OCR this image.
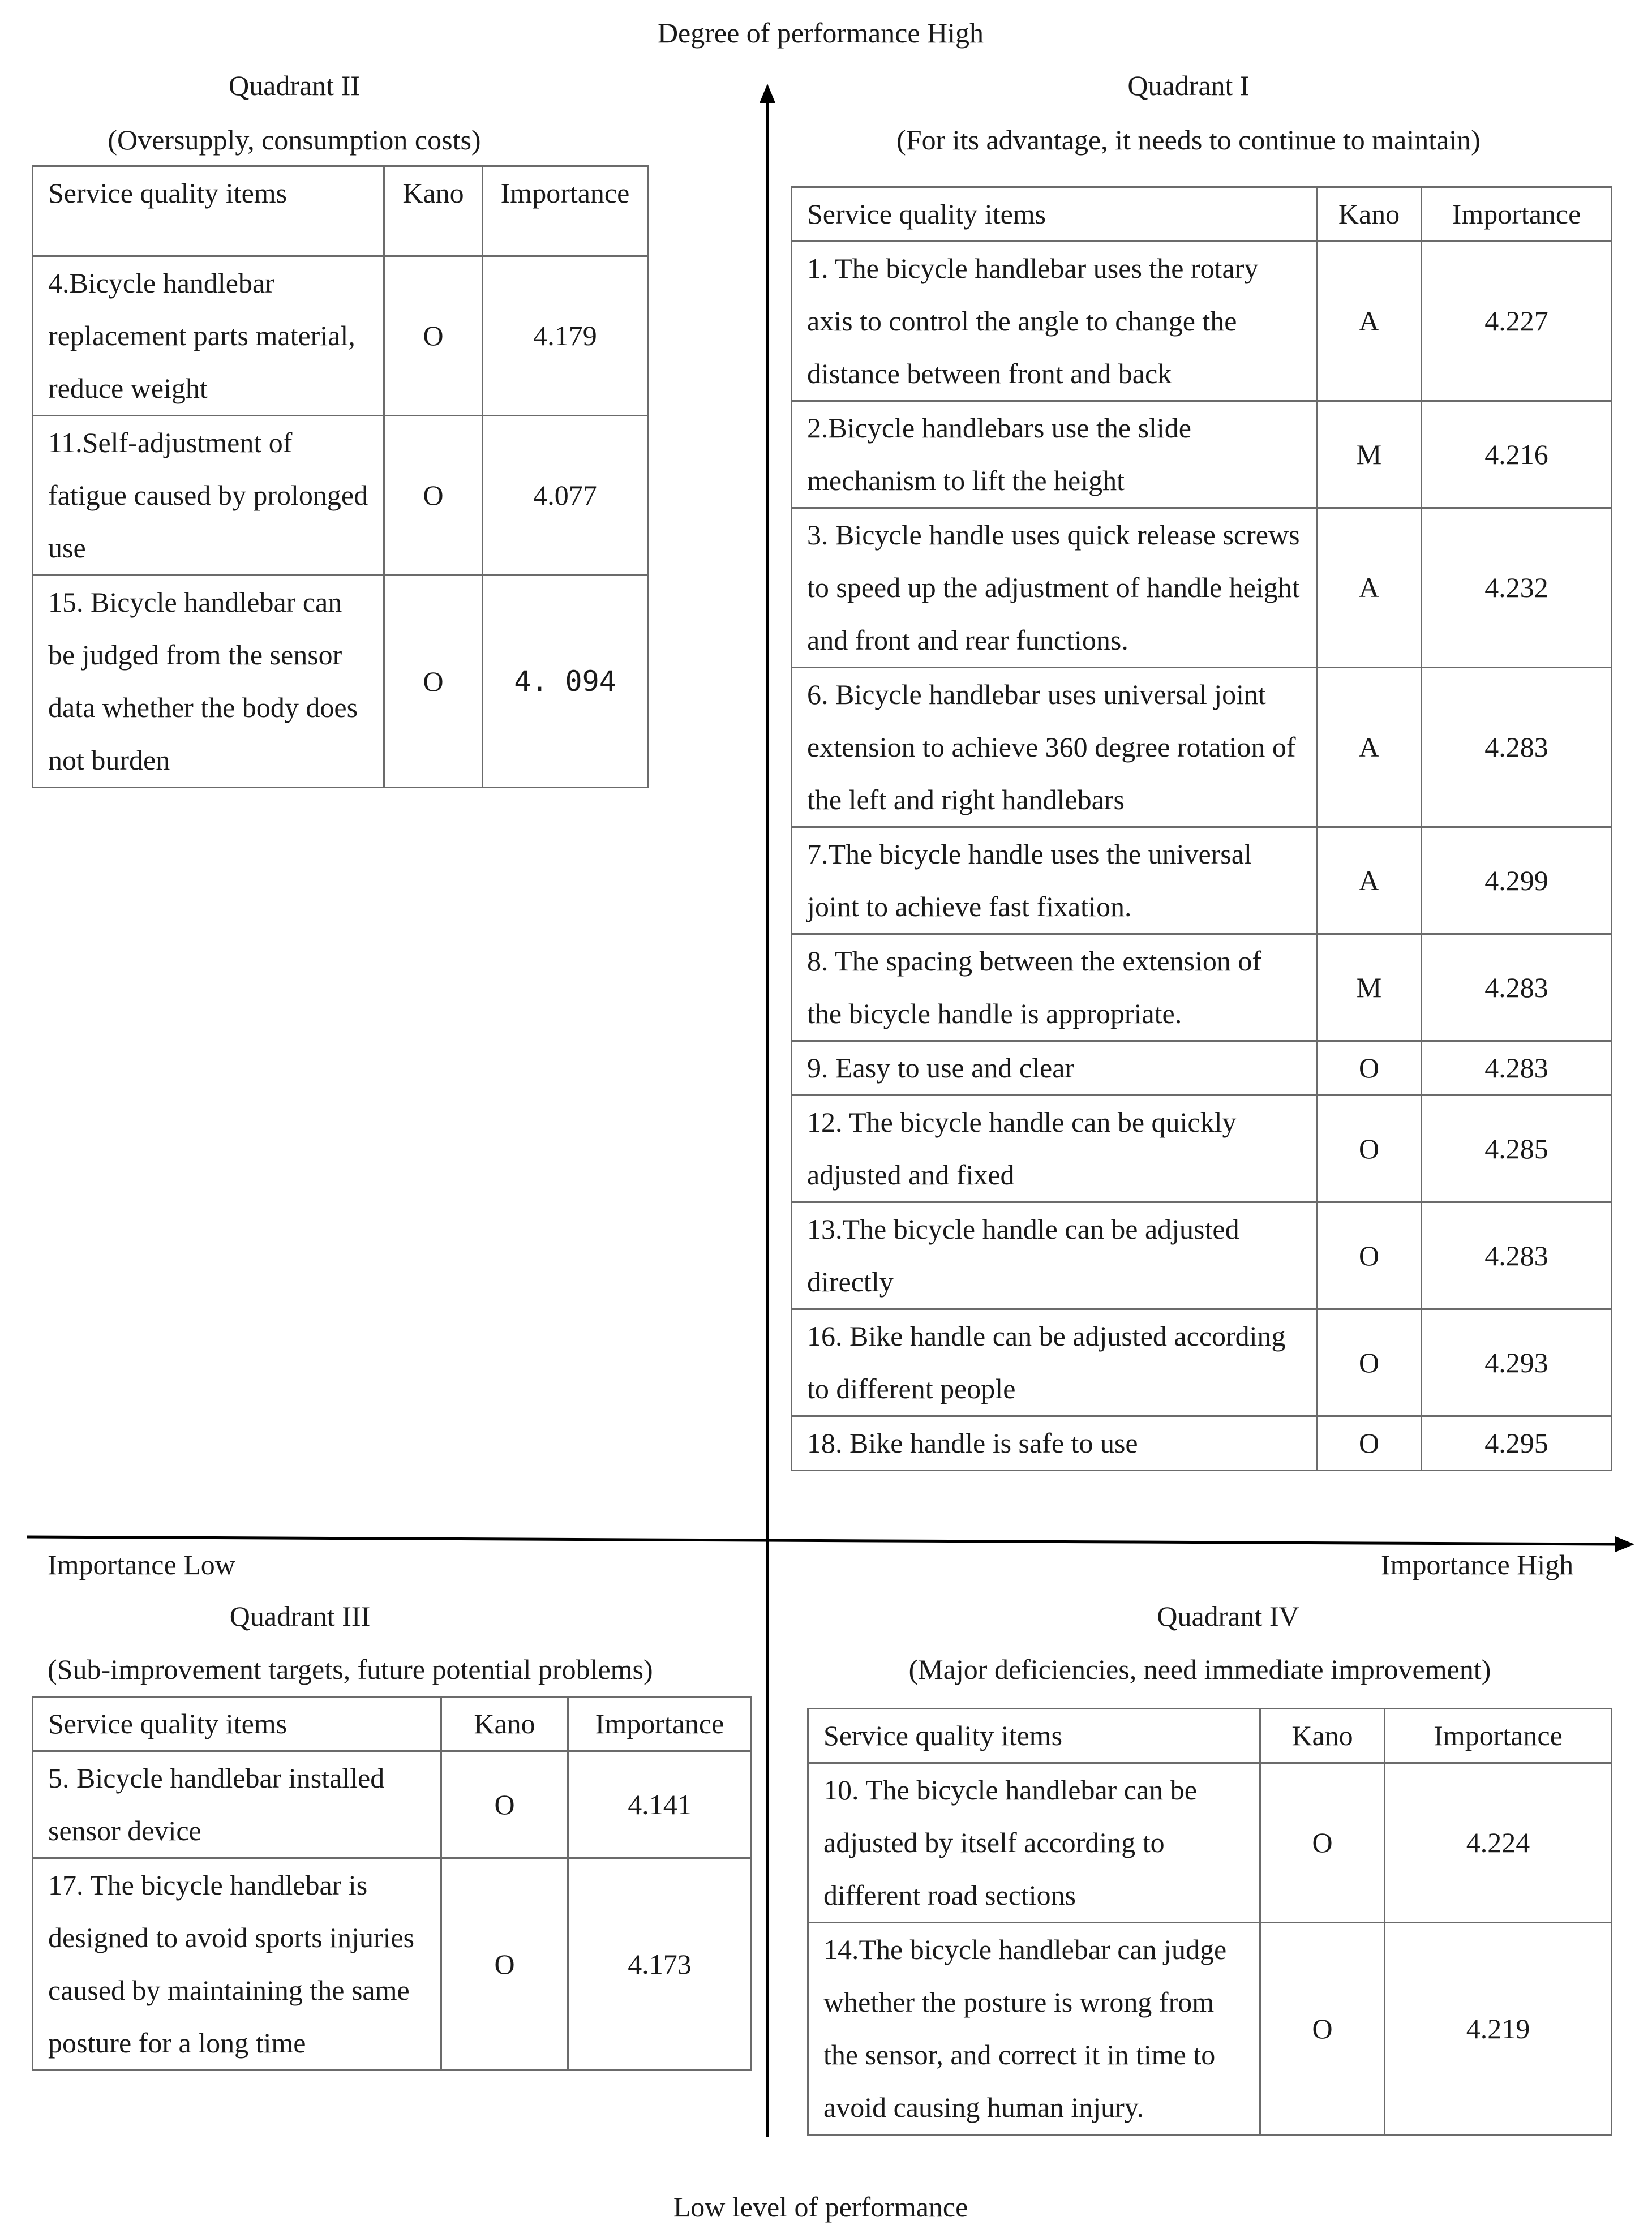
Degree of performance High
Low level of performance
Importance Low	Importance High
Quadrant II
(Oversupply, consumption costs)
Quadrant I
(For its advantage, it needs to continue to maintain)
Quadrant III
(Sub-improvement targets, future potential problems)
Quadrant IV
(Major deficiencies, need immediate improvement)
Service quality items	Kano	Importance
4.Bicycle handlebar replacement parts material, reduce weight	O	4.179
11.Self-adjustment of fatigue caused by prolonged use	O	4.077
15. Bicycle handlebar can be judged from the sensor data whether the body does not burden	O	4. 094
Service quality items	Kano	Importance
1. The bicycle handlebar uses the rotary axis to control the angle to change the distance between front and back	A	4.227
2.Bicycle handlebars use the slide mechanism to lift the height	M	4.216
3. Bicycle handle uses quick release screws to speed up the adjustment of handle height and front and rear functions.	A	4.232
6. Bicycle handlebar uses universal joint extension to achieve 360 degree rotation of the left and right handlebars	A	4.283
7.The bicycle handle uses the universal joint to achieve fast fixation.	A	4.299
8. The spacing between the extension of the bicycle handle is appropriate.	M	4.283
9. Easy to use and clear	O	4.283
12. The bicycle handle can be quickly adjusted and fixed	O	4.285
13.The bicycle handle can be adjusted directly	O	4.283
16. Bike handle can be adjusted according to different people	O	4.293
18. Bike handle is safe to use	O	4.295
Service quality items	Kano	Importance
5. Bicycle handlebar installed sensor device	O	4.141
17. The bicycle handlebar is designed to avoid sports injuries caused by maintaining the same posture for a long time	O	4.173
Service quality items	Kano	Importance
10. The bicycle handlebar can be adjusted by itself according to different road sections	O	4.224
14.The bicycle handlebar can judge whether the posture is wrong from the sensor, and correct it in time to avoid causing human injury.	O	4.219
